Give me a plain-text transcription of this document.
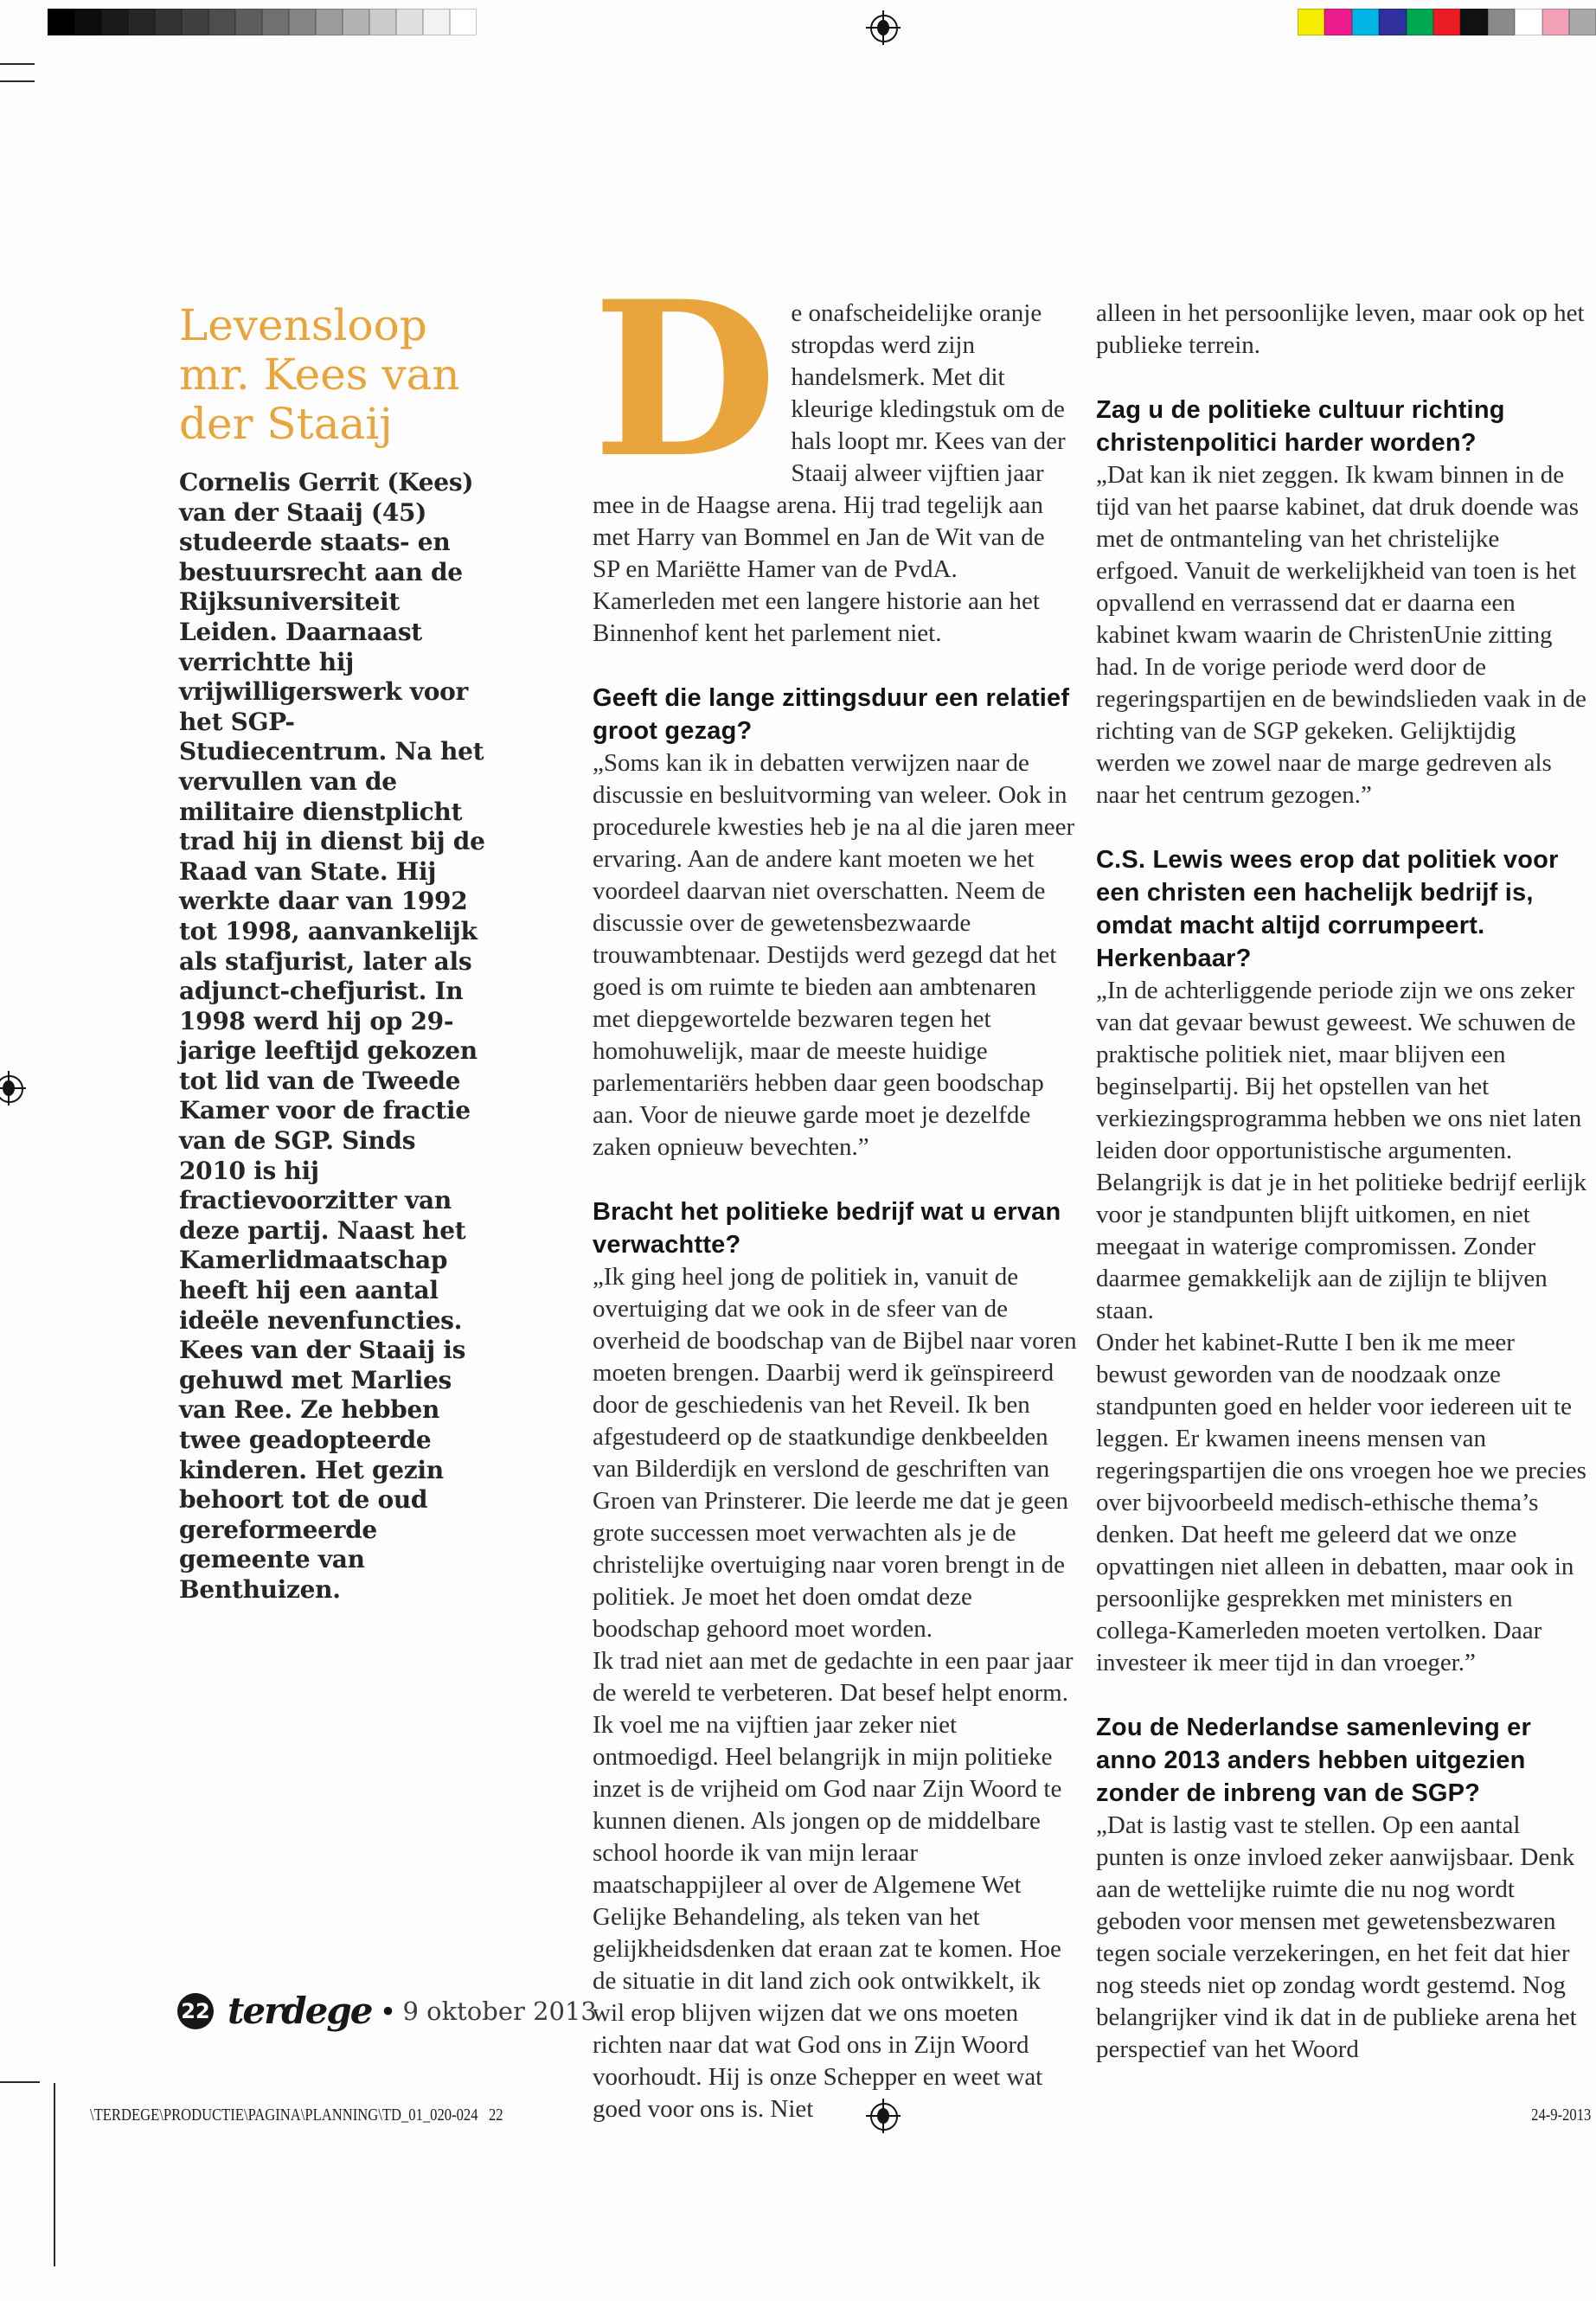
Levensloop
mr. Kees van
der Staaij

Cornelis Gerrit (Kees) van der Staaij (45) studeerde staats- en bestuursrecht aan de Rijksuniversiteit Leiden. Daarnaast verrichtte hij vrijwilligerswerk voor het SGP-Studiecentrum. Na het vervullen van de militaire dienstplicht trad hij in dienst bij de Raad van State. Hij werkte daar van 1992 tot 1998, aanvankelijk als stafjurist, later als adjunct-chefjurist. In 1998 werd hij op 29-jarige leeftijd gekozen tot lid van de Tweede Kamer voor de fractie van de SGP. Sinds 2010 is hij fractievoorzitter van deze partij. Naast het Kamerlidmaatschap heeft hij een aantal ideële nevenfuncties. Kees van der Staaij is gehuwd met Marlies van Ree. Ze hebben twee geadopteerde kinderen. Het gezin behoort tot de oud gereformeerde gemeente van Benthuizen.

De onafscheidelijke oranje stropdas werd zijn handelsmerk. Met dit kleurige kledingstuk om de hals loopt mr. Kees van der Staaij alweer vijftien jaar mee in de Haagse arena. Hij trad tegelijk aan met Harry van Bommel en Jan de Wit van de SP en Mariëtte Hamer van de PvdA. Kamerleden met een langere historie aan het Binnenhof kent het parlement niet.

Geeft die lange zittingsduur een relatief groot gezag?

„Soms kan ik in debatten verwijzen naar de discussie en besluitvorming van weleer. Ook in procedurele kwesties heb je na al die jaren meer ervaring. Aan de andere kant moeten we het voordeel daarvan niet overschatten. Neem de discussie over de gewetensbezwaarde trouwambtenaar. Destijds werd gezegd dat het goed is om ruimte te bieden aan ambtenaren met diepgewortelde bezwaren tegen het homohuwelijk, maar de meeste huidige parlementariërs hebben daar geen boodschap aan. Voor de nieuwe garde moet je dezelfde zaken opnieuw bevechten.”

Bracht het politieke bedrijf wat u ervan verwachtte?

„Ik ging heel jong de politiek in, vanuit de overtuiging dat we ook in de sfeer van de overheid de boodschap van de Bijbel naar voren moeten brengen. Daarbij werd ik geïnspireerd door de geschiedenis van het Reveil. Ik ben afgestudeerd op de staatkundige denkbeelden van Bilderdijk en verslond de geschriften van Groen van Prinsterer. Die leerde me dat je geen grote successen moet verwachten als je de christelijke overtuiging naar voren brengt in de politiek. Je moet het doen omdat deze boodschap gehoord moet worden.

Ik trad niet aan met de gedachte in een paar jaar de wereld te verbeteren. Dat besef helpt enorm. Ik voel me na vijftien jaar zeker niet ontmoedigd. Heel belangrijk in mijn politieke inzet is de vrijheid om God naar Zijn Woord te kunnen dienen. Als jongen op de middelbare school hoorde ik van mijn leraar maatschappijleer al over de Algemene Wet Gelijke Behandeling, als teken van het gelijkheidsdenken dat eraan zat te komen. Hoe de situatie in dit land zich ook ontwikkelt, ik wil erop blijven wijzen dat we ons moeten richten naar dat wat God ons in Zijn Woord voorhoudt. Hij is onze Schepper en weet wat goed voor ons is. Niet

alleen in het persoonlijke leven, maar ook op het publieke terrein.

Zag u de politieke cultuur richting christenpolitici harder worden?

„Dat kan ik niet zeggen. Ik kwam binnen in de tijd van het paarse kabinet, dat druk doende was met de ontmanteling van het christelijke erfgoed. Vanuit de werkelijkheid van toen is het opvallend en verrassend dat er daarna een kabinet kwam waarin de ChristenUnie zitting had. In de vorige periode werd door de regeringspartijen en de bewindslieden vaak in de richting van de SGP gekeken. Gelijktijdig werden we zowel naar de marge gedreven als naar het centrum gezogen.”

C.S. Lewis wees erop dat politiek voor een christen een hachelijk bedrijf is, omdat macht altijd corrumpeert. Herkenbaar?

„In de achterliggende periode zijn we ons zeker van dat gevaar bewust geweest. We schuwen de praktische politiek niet, maar blijven een beginselpartij. Bij het opstellen van het verkiezingsprogramma hebben we ons niet laten leiden door opportunistische argumenten. Belangrijk is dat je in het politieke bedrijf eerlijk voor je standpunten blijft uitkomen, en niet meegaat in waterige compromissen. Zonder daarmee gemakkelijk aan de zijlijn te blijven staan.

Onder het kabinet-Rutte I ben ik me meer bewust geworden van de noodzaak onze standpunten goed en helder voor iedereen uit te leggen. Er kwamen ineens mensen van regeringspartijen die ons vroegen hoe we precies over bijvoorbeeld medisch-ethische thema’s denken. Dat heeft me geleerd dat we onze opvattingen niet alleen in debatten, maar ook in persoonlijke gesprekken met ministers en collega-Kamerleden moeten vertolken. Daar investeer ik meer tijd in dan vroeger.”

Zou de Nederlandse samenleving er anno 2013 anders hebben uitgezien zonder de inbreng van de SGP?

„Dat is lastig vast te stellen. Op een aantal punten is onze invloed zeker aanwijsbaar. Denk aan de wettelijke ruimte die nu nog wordt geboden voor mensen met gewetensbezwaren tegen sociale verzekeringen, en het feit dat hier nog steeds niet op zondag wordt gestemd. Nog belangrijker vind ik dat in de publieke arena het perspectief van het Woord

22 terdege • 9 oktober 2013
\TERDEGE\PRODUCTIE\PAGINA\PLANNING\TD_01_020-024   22	24-9-2013
